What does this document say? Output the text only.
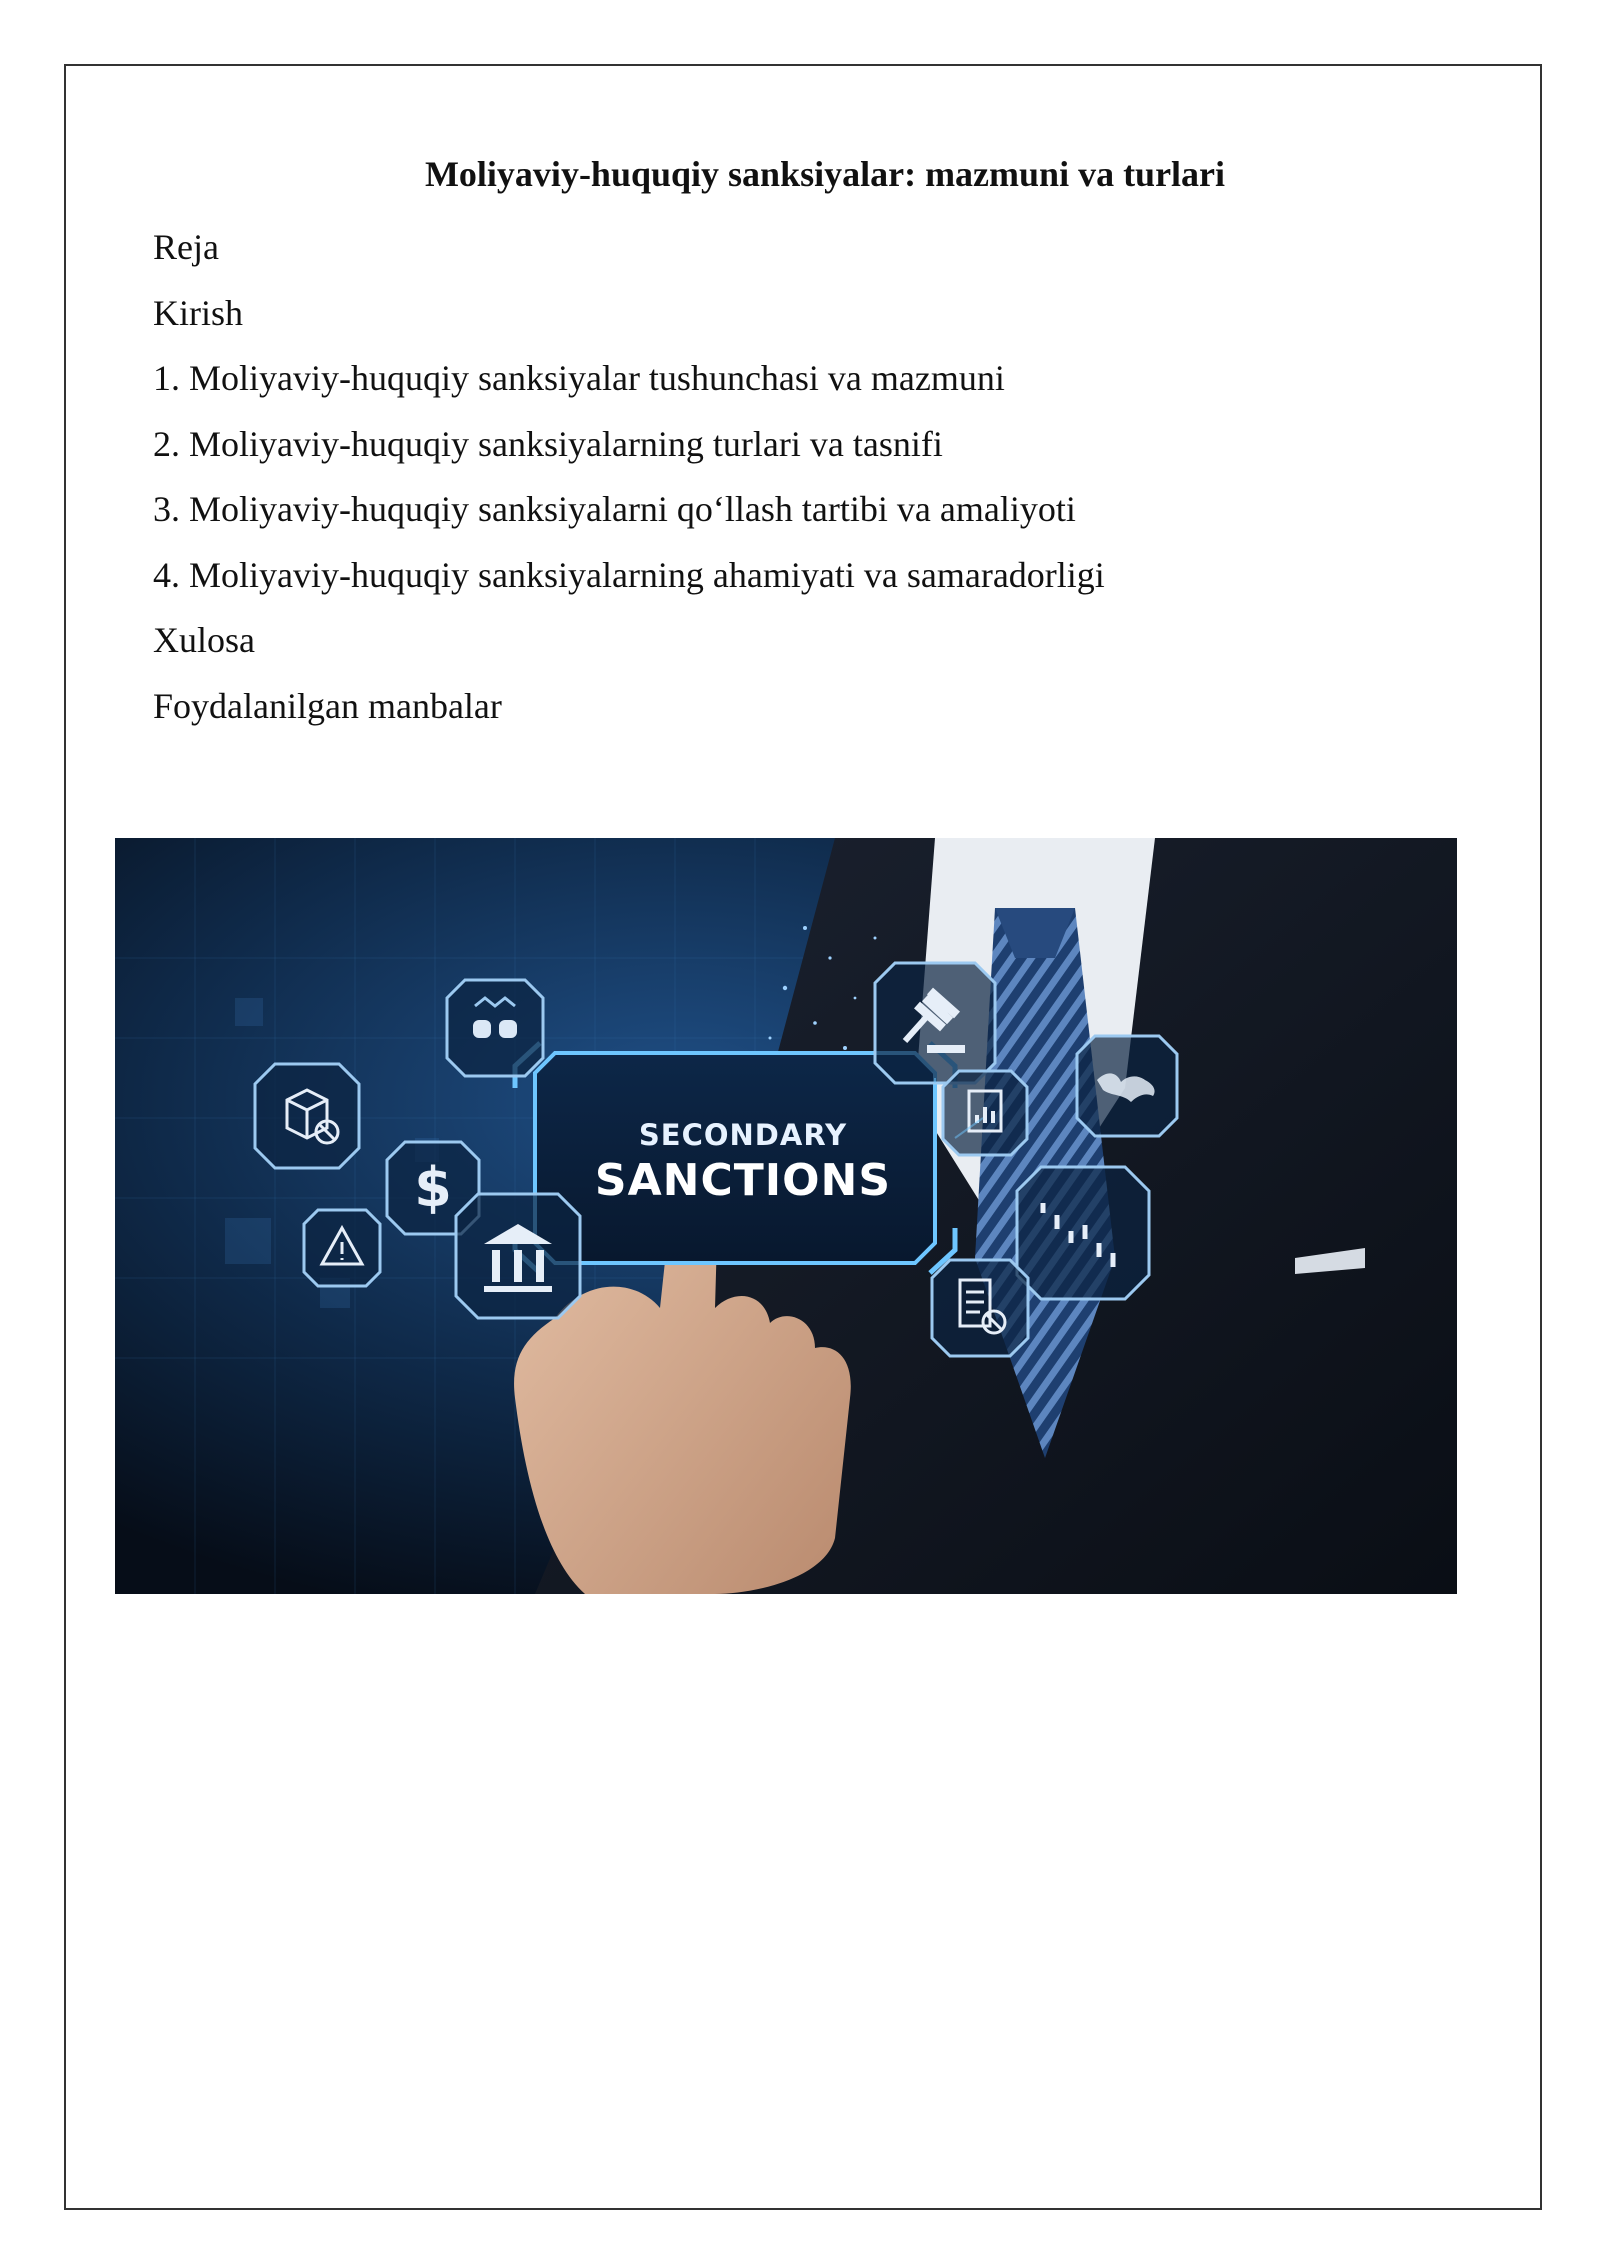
Moliyaviy-huquqiy sanksiyalar: mazmuni va turlari
Reja
Kirish
1. Moliyaviy-huquqiy sanksiyalar tushunchasi va mazmuni
2. Moliyaviy-huquqiy sanksiyalarning turlari va tasnifi
3. Moliyaviy-huquqiy sanksiyalarni qo‘llash tartibi va amaliyoti
4. Moliyaviy-huquqiy sanksiyalarning ahamiyati va samaradorligi
Xulosa
Foydalanilgan manbalar
SECONDARY
SANCTIONS
$
